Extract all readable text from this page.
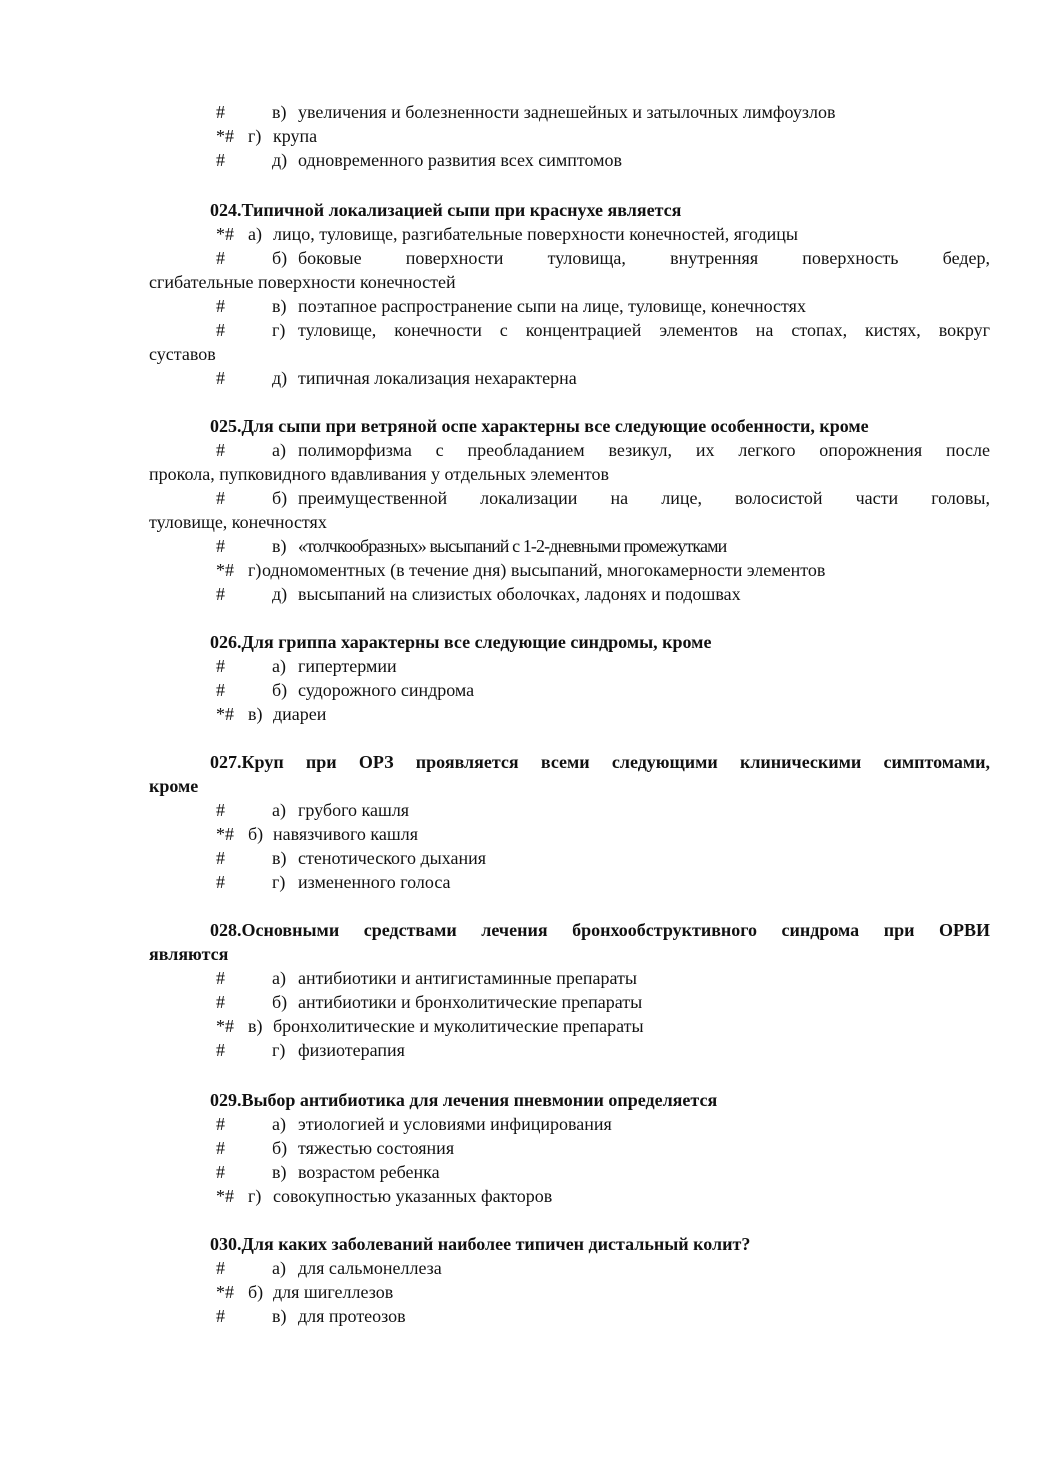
#	в) увеличения и болезненности заднешейных и затылочных лимфоузлов
*# г) крупа
#	д) одновременного развития всех симптомов
024.Типичной локализацией сыпи при краснухе является
*# а) лицо, туловище, разгибательные поверхности конечностей, ягодицы
#	б) боковые поверхности туловища, внутренняя поверхность бедер,
сгибательные поверхности конечностей
#	в) поэтапное распространение сыпи на лице, туловище, конечностях
#	г) туловище, конечности с концентрацией элементов на стопах, кистях, вокруг
суставов
#	д) типичная локализация нехарактерна
025.Для сыпи при ветряной оспе характерны все следующие особенности, кроме
#	а) полиморфизма с преобладанием везикул, их легкого опорожнения после
прокола, пупковидного вдавливания у отдельных элементов
#	б) преимущественной локализации на лице, волосистой части головы,
туловище, конечностях
#	в) «толчкообразных» высыпаний с 1-2-дневными промежутками
*# г) одномоментных (в течение дня) высыпаний, многокамерности элементов
#	д) высыпаний на слизистых оболочках, ладонях и подошвах
026.Для гриппа характерны все следующие синдромы, кроме
#	а) гипертермии
#	б) судорожного синдрома
*# в) диареи
027.Круп при ОРЗ проявляется всеми следующими клиническими симптомами,
кроме
#	а) грубого кашля
*# б) навязчивого кашля
#	в) стенотического дыхания
#	г) измененного голоса
028.Основными средствами лечения бронхообструктивного синдрома при ОРВИ
являются
#	а) антибиотики и антигистаминные препараты
#	б) антибиотики и бронхолитические препараты
*# в) бронхолитические и муколитические препараты
#	г) физиотерапия
029.Выбор антибиотика для лечения пневмонии определяется
#	а) этиологией и условиями инфицирования
#	б) тяжестью состояния
#	в) возрастом ребенка
*# г) совокупностью указанных факторов
030.Для каких заболеваний наиболее типичен дистальный колит?
#	а) для сальмонеллеза
*# б) для шигеллезов
#	в) для протеозов
